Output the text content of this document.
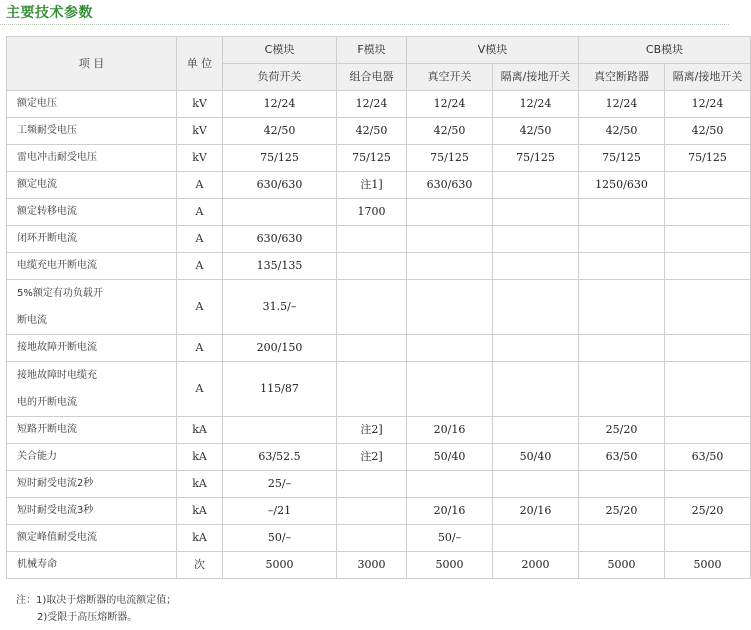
主要技术参数
项 目	单 位	C模块	F模块	V模块		CB模块	
		负荷开关	组合电器	真空开关	隔离/接地开关	真空断路器	隔离/接地开关
额定电压	kV	12/24	12/24	12/24	12/24	12/24	12/24
工频耐受电压	kV	42/50	42/50	42/50	42/50	42/50	42/50
雷电冲击耐受电压	kV	75/125	75/125	75/125	75/125	75/125	75/125
额定电流	A	630/630	注1]	630/630		1250/630	
额定转移电流	A		1700				
闭环开断电流	A	630/630					
电缆充电开断电流	A	135/135					

5%额定有功负载开
断电流	A	31.5/–					
接地故障开断电流	A	200/150					

接地故障时电缆充
电的开断电流	A	115/87					
短路开断电流	kA		注2]	20/16		25/20	
关合能力	kA	63/52.5	注2]	50/40	50/40	63/50	63/50
短时耐受电流2秒	kA	25/–					
短时耐受电流3秒	kA	–/21		20/16	20/16	25/20	25/20
额定峰值耐受电流	kA	50/–		50/–			
机械寿命	次	5000	3000	5000	2000	5000	5000
注：1)取决于熔断器的电流额定值；
2)受限于高压熔断器。
